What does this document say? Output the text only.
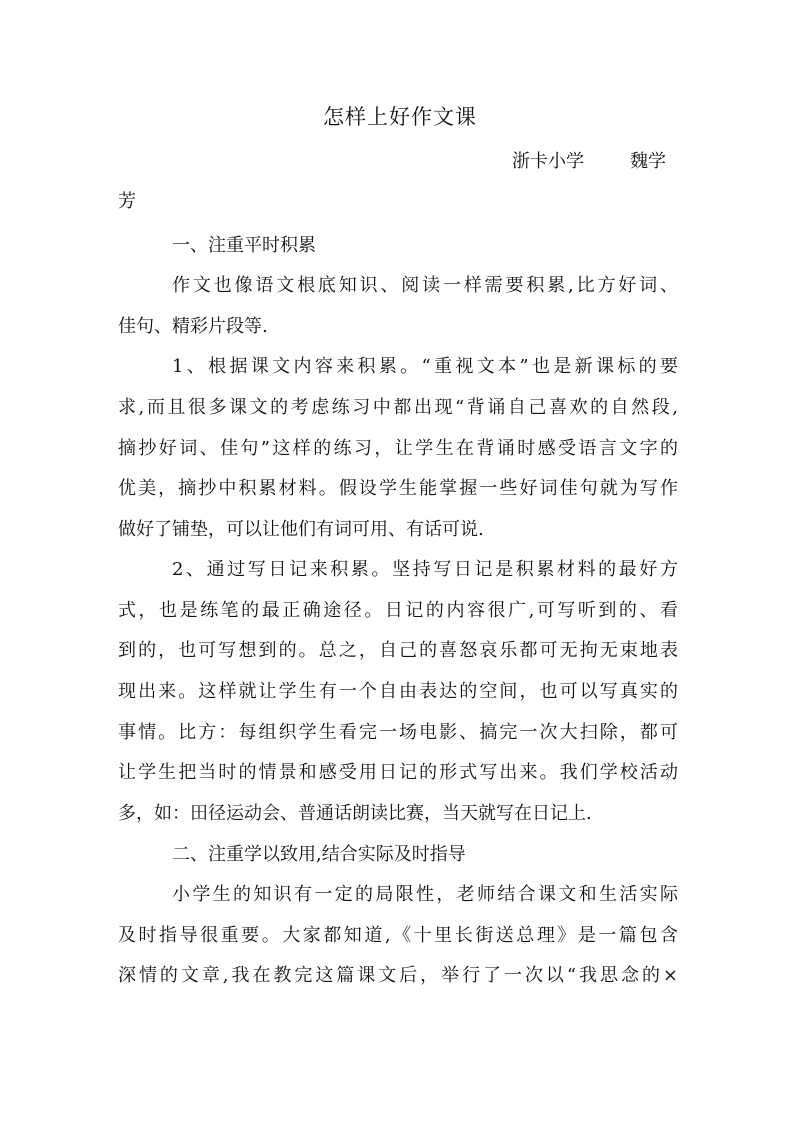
怎样上好作文课
浙卡小学	魏学
芳
一、注重平时积累
作文也像语文根底知识、阅读一样需要积累,比方好词、
佳句、精彩片段等.
1、根据课文内容来积累。“重视文本”也是新课标的要
求,而且很多课文的考虑练习中都出现“背诵自己喜欢的自然段,
摘抄好词、佳句”这样的练习，让学生在背诵时感受语言文字的
优美，摘抄中积累材料。假设学生能掌握一些好词佳句就为写作
做好了铺垫，可以让他们有词可用、有话可说.
2、通过写日记来积累。坚持写日记是积累材料的最好方
式，也是练笔的最正确途径。日记的内容很广,可写听到的、看
到的，也可写想到的。总之，自己的喜怒哀乐都可无拘无束地表
现出来。这样就让学生有一个自由表达的空间，也可以写真实的
事情。比方：每组织学生看完一场电影、搞完一次大扫除，都可
让学生把当时的情景和感受用日记的形式写出来。我们学校活动
多，如：田径运动会、普通话朗读比赛，当天就写在日记上.
二、注重学以致用,结合实际及时指导
小学生的知识有一定的局限性，老师结合课文和生活实际
及时指导很重要。大家都知道,《十里长街送总理》是一篇包含
深情的文章,我在教完这篇课文后，举行了一次以“我思念的×
